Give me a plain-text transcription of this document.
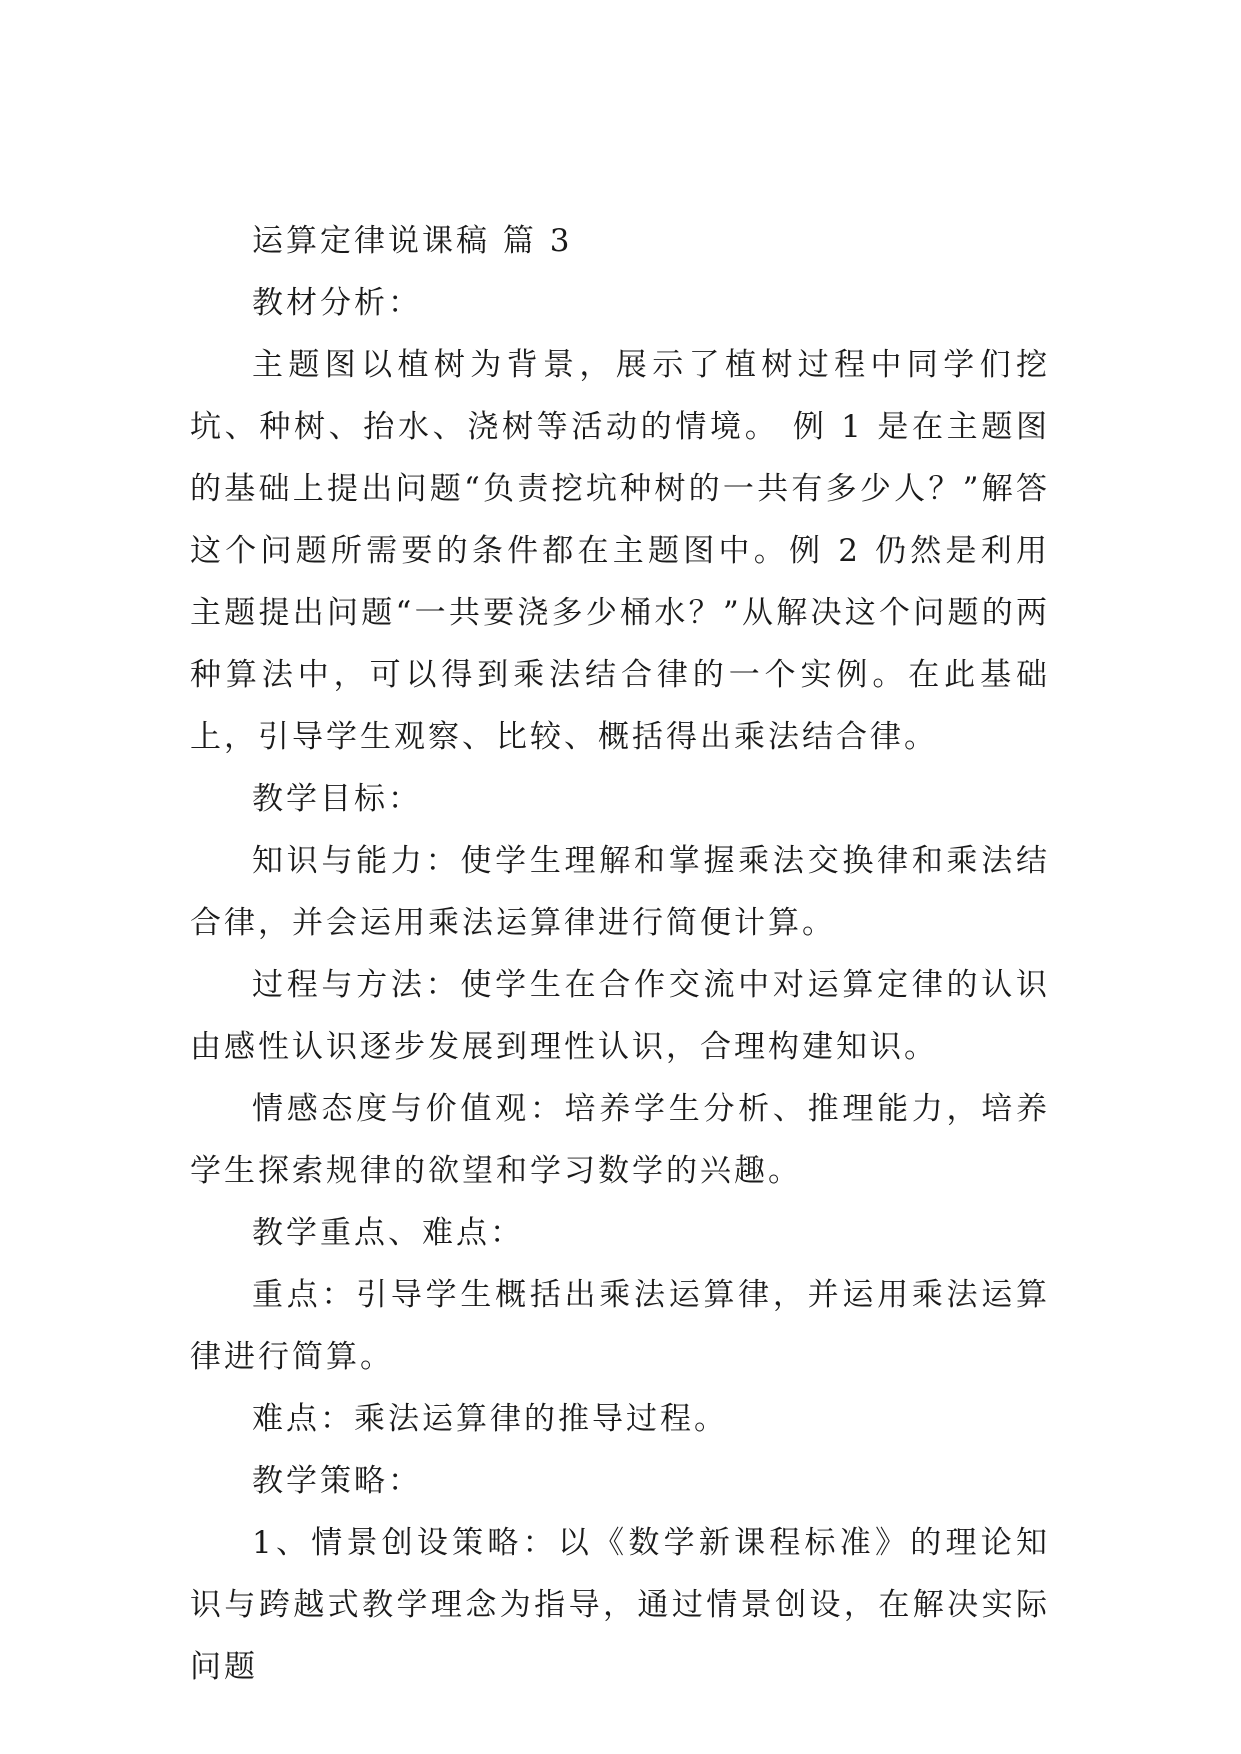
运算定律说课稿 篇 3

教材分析：

主题图以植树为背景，展示了植树过程中同学们挖坑、种树、抬水、浇树等活动的情境。 例 1 是在主题图的基础上提出问题“负责挖坑种树的一共有多少人？”解答这个问题所需要的条件都在主题图中。例 2 仍然是利用主题提出问题“一共要浇多少桶水？”从解决这个问题的两种算法中，可以得到乘法结合律的一个实例。在此基础上，引导学生观察、比较、概括得出乘法结合律。

教学目标：

知识与能力：使学生理解和掌握乘法交换律和乘法结合律，并会运用乘法运算律进行简便计算。

过程与方法：使学生在合作交流中对运算定律的认识由感性认识逐步发展到理性认识，合理构建知识。

情感态度与价值观：培养学生分析、推理能力，培养学生探索规律的欲望和学习数学的兴趣。

教学重点、难点：

重点：引导学生概括出乘法运算律，并运用乘法运算律进行简算。

难点：乘法运算律的推导过程。

教学策略：

1、情景创设策略：以《数学新课程标准》的理论知识与跨越式教学理念为指导，通过情景创设，在解决实际问题
